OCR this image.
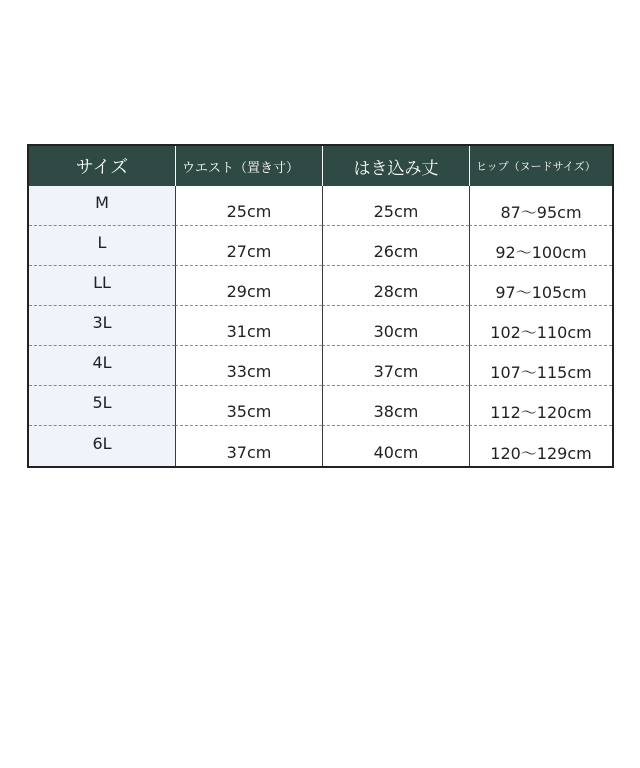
サイズ	ウエスト（置き寸）	はき込み丈	ヒップ（ヌードサイズ）
M	25cm	25cm	87〜95cm
L	27cm	26cm	92〜100cm
LL	29cm	28cm	97〜105cm
3L	31cm	30cm	102〜110cm
4L	33cm	37cm	107〜115cm
5L	35cm	38cm	112〜120cm
6L	37cm	40cm	120〜129cm
